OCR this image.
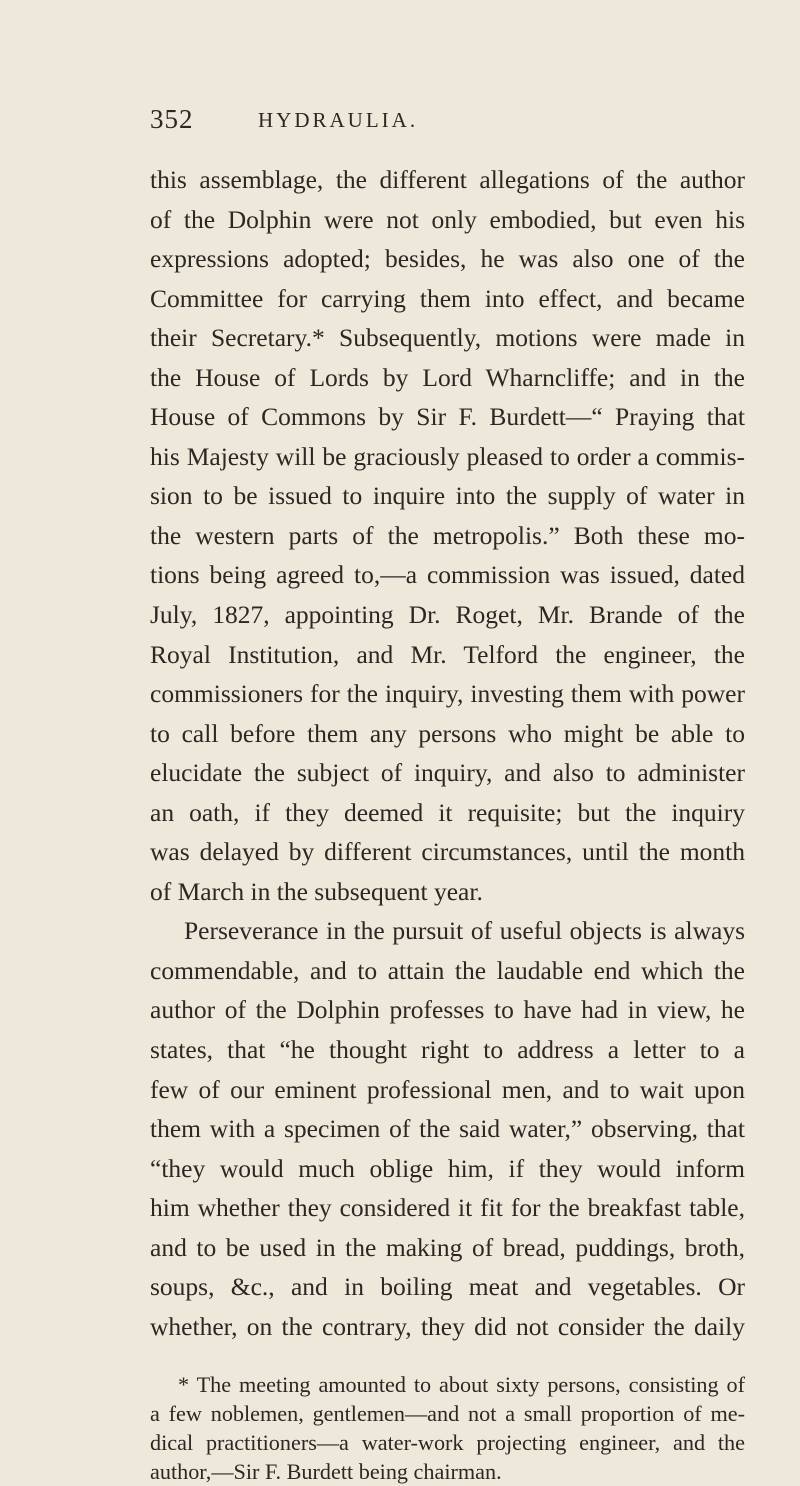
352	HYDRAULIA.
this assemblage, the different allegations of the author
of the Dolphin were not only embodied, but even his
expressions adopted; besides, he was also one of the
Committee for carrying them into effect, and became
their Secretary.* Subsequently, motions were made in
the House of Lords by Lord Wharncliffe; and in the
House of Commons by Sir F. Burdett—“ Praying that
his Majesty will be graciously pleased to order a commis-
sion to be issued to inquire into the supply of water in
the western parts of the metropolis.” Both these mo-
tions being agreed to,—a commission was issued, dated
July, 1827, appointing Dr. Roget, Mr. Brande of the
Royal Institution, and Mr. Telford the engineer, the
commissioners for the inquiry, investing them with power
to call before them any persons who might be able to
elucidate the subject of inquiry, and also to administer
an oath, if they deemed it requisite; but the inquiry
was delayed by different circumstances, until the month
of March in the subsequent year.
Perseverance in the pursuit of useful objects is always
commendable, and to attain the laudable end which the
author of the Dolphin professes to have had in view, he
states, that “he thought right to address a letter to a
few of our eminent professional men, and to wait upon
them with a specimen of the said water,” observing, that
“they would much oblige him, if they would inform
him whether they considered it fit for the breakfast table,
and to be used in the making of bread, puddings, broth,
soups, &c., and in boiling meat and vegetables. Or
whether, on the contrary, they did not consider the daily
* The meeting amounted to about sixty persons, consisting of
a few noblemen, gentlemen—and not a small proportion of me-
dical practitioners—a water-work projecting engineer, and the
author,—Sir F. Burdett being chairman.
